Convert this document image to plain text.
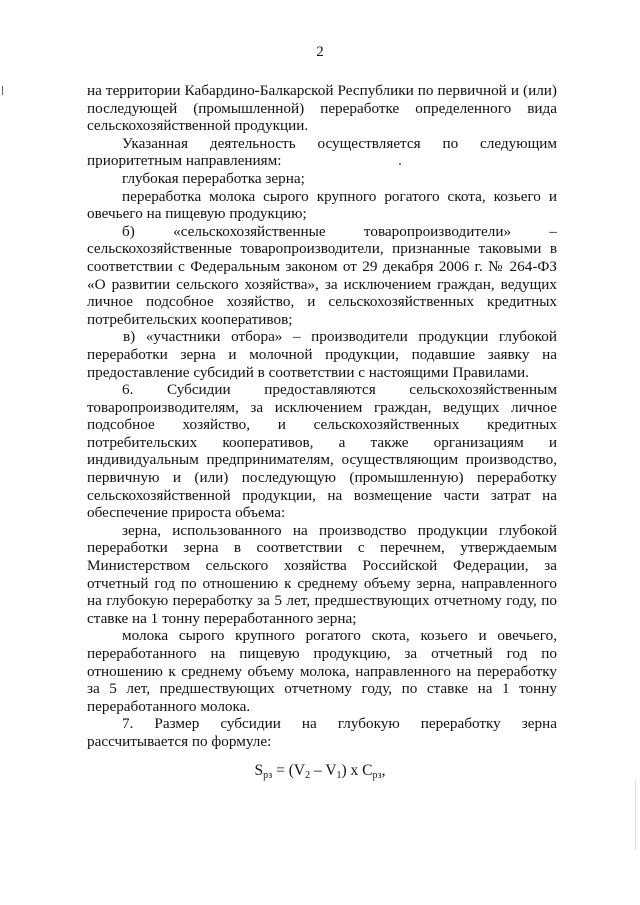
2

на территории Кабардино-Балкарской Республики по первичной и (или) последующей (промышленной) переработке определенного вида сельскохозяйственной продукции.

Указанная деятельность осуществляется по следующим приоритетным направлениям:

глубокая переработка зерна;

переработка молока сырого крупного рогатого скота, козьего и овечьего на пищевую продукцию;

б) «сельскохозяйственные товаропроизводители» – сельскохозяйственные товаропроизводители, признанные таковыми в соответствии с Федеральным законом от 29 декабря 2006 г. № 264-ФЗ «О развитии сельского хозяйства», за исключением граждан, ведущих личное подсобное хозяйство, и сельскохозяйственных кредитных потребительских кооперативов;

в) «участники отбора» – производители продукции глубокой переработки зерна и молочной продукции, подавшие заявку на предоставление субсидий в соответствии с настоящими Правилами.

6. Субсидии предоставляются сельскохозяйственным товаропроизводителям, за исключением граждан, ведущих личное подсобное хозяйство, и сельскохозяйственных кредитных потребительских кооперативов, а также организациям и индивидуальным предпринимателям, осуществляющим производство, первичную и (или) последующую (промышленную) переработку сельскохозяйственной продукции, на возмещение части затрат на обеспечение прироста объема:

зерна, использованного на производство продукции глубокой переработки зерна в соответствии с перечнем, утверждаемым Министерством сельского хозяйства Российской Федерации, за отчетный год по отношению к среднему объему зерна, направленного на глубокую переработку за 5 лет, предшествующих отчетному году, по ставке на 1 тонну переработанного зерна;

молока сырого крупного рогатого скота, козьего и овечьего, переработанного на пищевую продукцию, за отчетный год по отношению к среднему объему молока, направленного на переработку за 5 лет, предшествующих отчетному году, по ставке на 1 тонну переработанного молока.

7. Размер субсидии на глубокую переработку зерна рассчитывается по формуле:

$S_{рз} = (V_2 - V_1)$ x $C_{рз}$,
